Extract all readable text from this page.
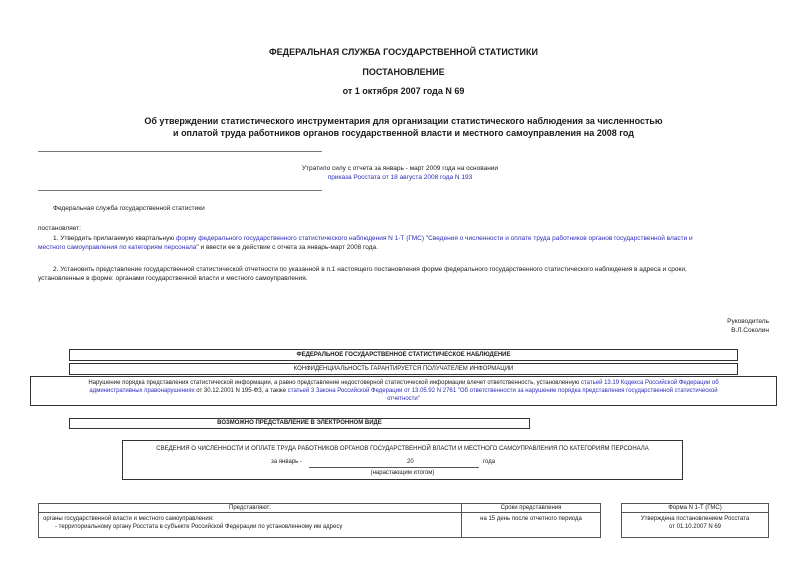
ФЕДЕРАЛЬНАЯ СЛУЖБА ГОСУДАРСТВЕННОЙ СТАТИСТИКИ
ПОСТАНОВЛЕНИЕ
от 1 октября 2007 года N 69
Об утверждении статистического инструментария для организации статистического наблюдения за численностью
и оплатой труда работников органов государственной власти и местного самоуправления на 2008 год
Утратило силу с отчета за январь - март 2009 года на основании
приказа Росстата от 18 августа 2008 года N 193
Федеральная служба государственной статистики
постановляет:
1. Утвердить прилагаемую квартальную форму федерального государственного статистического наблюдения N 1-Т (ГМС) "Сведения о численности и оплате труда работников органов государственной власти и
местного самоуправления по категориям персонала" и ввести ее в действие с отчета за январь-март 2008 года.
2. Установить представление государственной статистической отчетности по указанной в п.1 настоящего постановления форме федерального государственного статистического наблюдения в адреса и сроки,
установленные в форме: органами государственной власти и местного самоуправления.
Руководитель
В.Л.Соколин
ФЕДЕРАЛЬНОЕ ГОСУДАРСТВЕННОЕ СТАТИСТИЧЕСКОЕ НАБЛЮДЕНИЕ
КОНФИДЕНЦИАЛЬНОСТЬ ГАРАНТИРУЕТСЯ ПОЛУЧАТЕЛЕМ ИНФОРМАЦИИ
Нарушение порядка представления статистической информации, а равно представление недостоверной статистической информации влечет ответственность, установленную статьей 13.19 Кодекса Российской Федерации об
административных правонарушениях от 30.12.2001 N 195-ФЗ, а также статьей 3 Закона Российской Федерации от 13.05.92 N 2761 "Об ответственности за нарушение порядка представления государственной статистической
отчетности"
ВОЗМОЖНО ПРЕДСТАВЛЕНИЕ В ЭЛЕКТРОННОМ ВИДЕ
СВЕДЕНИЯ О ЧИСЛЕННОСТИ И ОПЛАТЕ ТРУДА РАБОТНИКОВ ОРГАНОВ ГОСУДАРСТВЕННОЙ ВЛАСТИ И МЕСТНОГО САМОУПРАВЛЕНИЯ ПО КАТЕГОРИЯМ ПЕРСОНАЛА
за январь -	20	года
(нарастающим итогом)
Представляют:	Сроки представления	Форма N 1-Т (ГМС)
органы государственной власти и местного самоуправления:
- территориальному органу Росстата в субъекте Российской Федерации по установленному им адресу
на 15 день после отчетного периода	Утверждена постановлением Росстата
от 01.10.2007 N 69
